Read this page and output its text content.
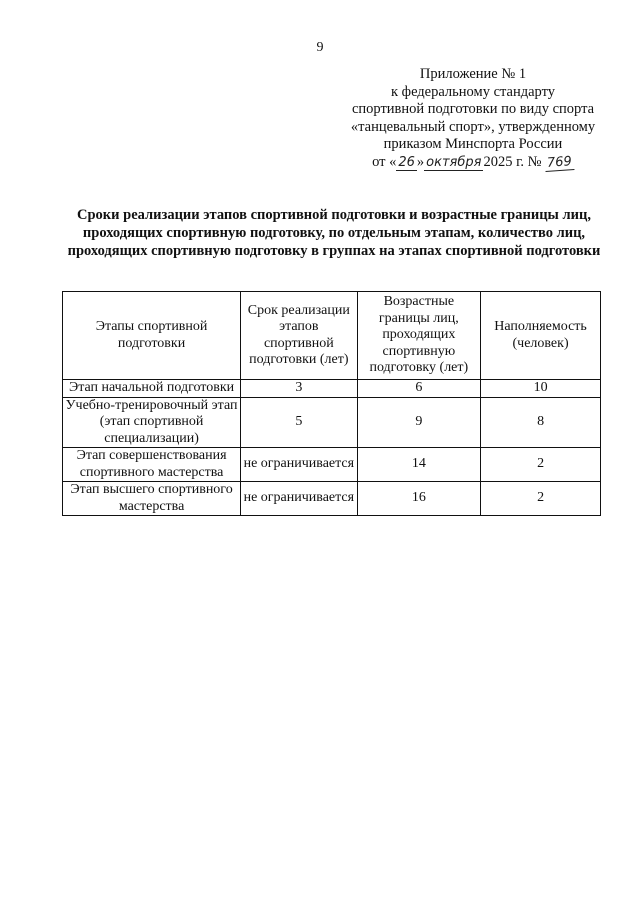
9
Приложение № 1
к федеральному стандарту
спортивной подготовки по виду спорта
«танцевальный спорт», утвержденному
приказом Минспорта России
от « 26 » октября 2025 г. № 769
Сроки реализации этапов спортивной подготовки и возрастные границы лиц, проходящих спортивную подготовку, по отдельным этапам, количество лиц, проходящих спортивную подготовку в группах на этапах спортивной подготовки
Этапы спортивной подготовки	Срок реализации этапов спортивной подготовки (лет)	Возрастные границы лиц, проходящих спортивную подготовку (лет)	Наполняемость (человек)
Этап начальной подготовки	3	6	10
Учебно-тренировочный этап (этап спортивной специализации)	5	9	8
Этап совершенствования спортивного мастерства	не ограничивается	14	2
Этап высшего спортивного мастерства	не ограничивается	16	2
